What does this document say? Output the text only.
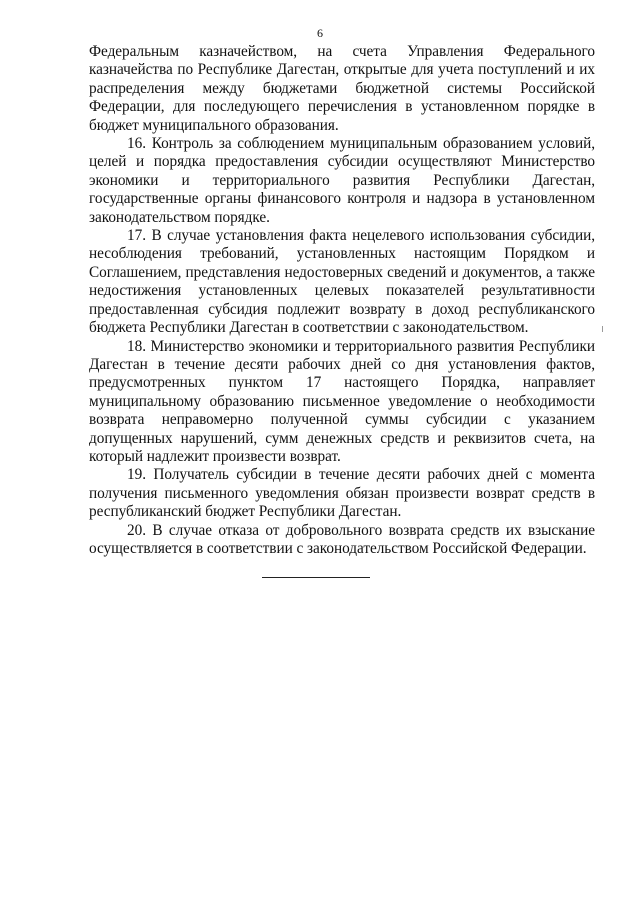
6

Федеральным казначейством, на счета Управления Федерального казначейства по Республике Дагестан, открытые для учета поступлений и их распределения между бюджетами бюджетной системы Российской Федерации, для последующего перечисления в установленном порядке в бюджет муниципального образования.

16. Контроль за соблюдением муниципальным образованием условий, целей и порядка предоставления субсидии осуществляют Министерство экономики и территориального развития Республики Дагестан, государственные органы финансового контроля и надзора в установленном законодательством порядке.

17. В случае установления факта нецелевого использования субсидии, несоблюдения требований, установленных настоящим Порядком и Соглашением, представления недостоверных сведений и документов, а также недостижения установленных целевых показателей результативности предоставленная субсидия подлежит возврату в доход республиканского бюджета Республики Дагестан в соответствии с законодательством.

18. Министерство экономики и территориального развития Республики Дагестан в течение десяти рабочих дней со дня установления фактов, предусмотренных пунктом 17 настоящего Порядка, направляет муниципальному образованию письменное уведомление о необходимости возврата неправомерно полученной суммы субсидии с указанием допущенных нарушений, сумм денежных средств и реквизитов счета, на который надлежит произвести возврат.

19. Получатель субсидии в течение десяти рабочих дней с момента получения письменного уведомления обязан произвести возврат средств в республиканский бюджет Республики Дагестан.

20. В случае отказа от добровольного возврата средств их взыскание осуществляется в соответствии с законодательством Российской Федерации.
